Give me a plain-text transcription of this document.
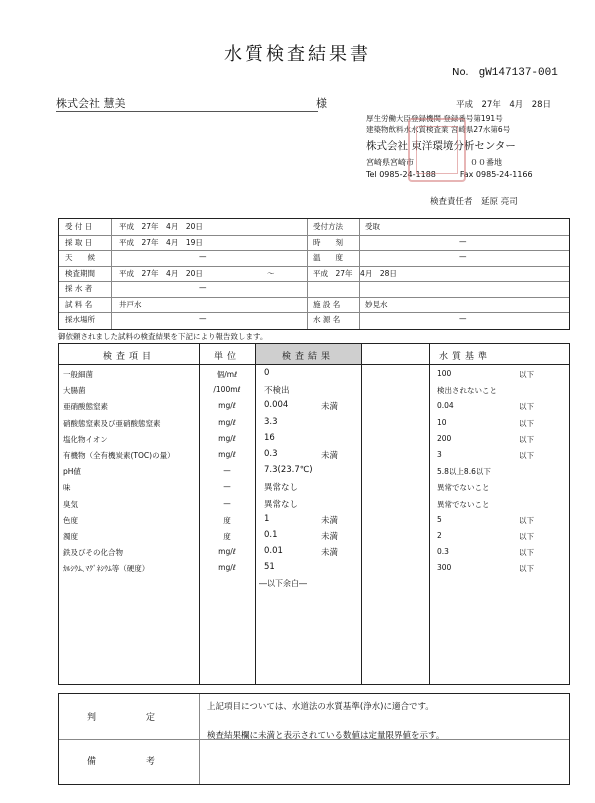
水質検査結果書
No. gW147137-001
株式会社 慧美	様	平成　27年　4月　28日
厚生労働大臣登録機関 登録番号第191号
建築物飲料水水質検査業 宮崎県27水第6号
株式会社 東洋環境分析センター
宮崎県宮崎市　　　　　　　００番地
Tel 0985-24-1188　　　Fax 0985-24-1166
検査責任者　延原 亮司
受 付 日	平成　27年　4月　20日	受付方法	受取
採 取 日	平成　27年　4月　19日	時　　刻	—
天　　候	—	温　　度	—
検査期間	平成　27年　4月　20日	〜	平成　27年　4月　28日
採 水 者	—
試 料 名	井戸水	施 設 名	妙見水
採水場所	—	水 源 名	—
御依頼されました試料の検査結果を下記により報告致します。
検査項目	単位	検査結果	水質基準
一般細菌	個/mℓ	0	100	以下
大腸菌	/100mℓ	不検出	検出されないこと
亜硝酸態窒素	mg/ℓ	0.004	未満	0.04	以下
硝酸態窒素及び亜硝酸態窒素	mg/ℓ	3.3	10	以下
塩化物イオン	mg/ℓ	16	200	以下
有機物（全有機炭素(TOC)の量）	mg/ℓ	0.3	未満	3	以下
pH値	—	7.3(23.7℃)	5.8以上8.6以下
味	—	異常なし	異常でないこと
臭気	—	異常なし	異常でないこと
色度	度	1	未満	5	以下
濁度	度	0.1	未満	2	以下
鉄及びその化合物	mg/ℓ	0.01	未満	0.3	以下
ｶﾙｼｳﾑ､ﾏｸﾞﾈｼｳﾑ等（硬度）	mg/ℓ	51	300	以下
―以下余白―
判定
上記項目については、水道法の水質基準(浄水)に適合です。
備考
検査結果欄に未満と表示されている数値は定量限界値を示す。
